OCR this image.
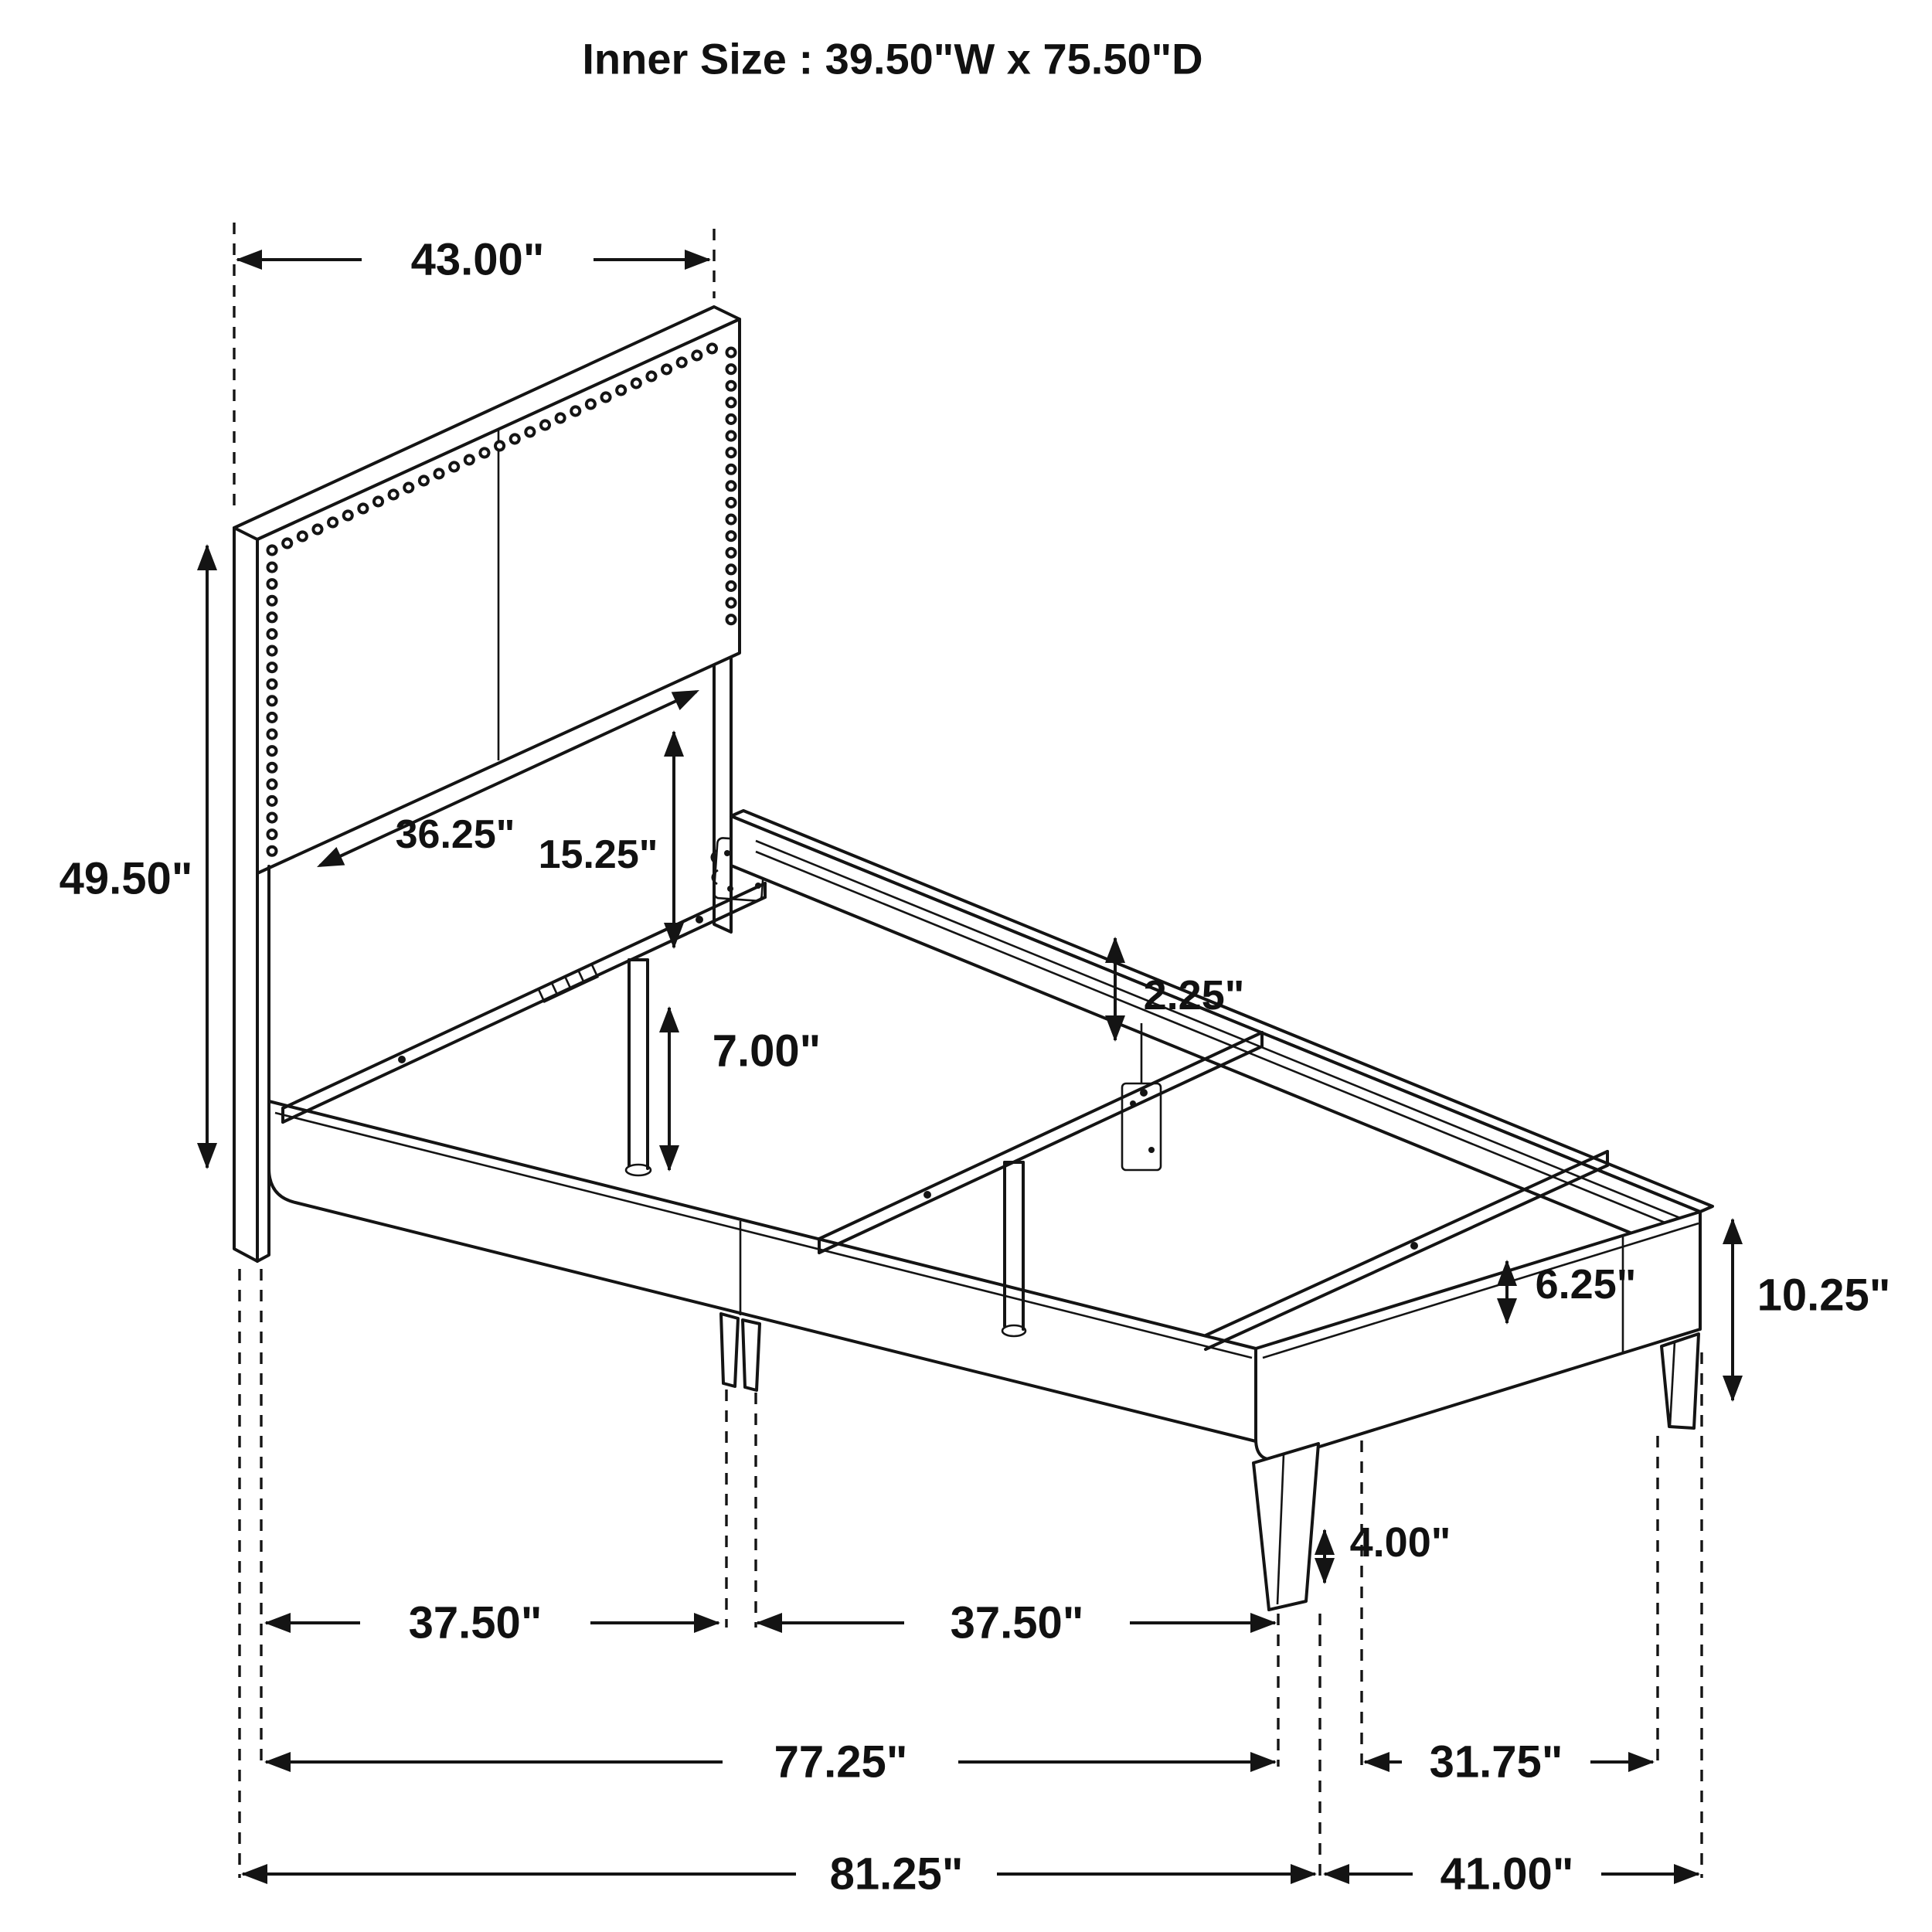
Inner Size : 39.50"W x 75.50"D
43.00"
49.50"
36.25" 15.25"
7.00"
2.25"
6.25"	10.25"
4.00"
37.50"	37.50"
77.25"	31.75"
81.25"	41.00"
